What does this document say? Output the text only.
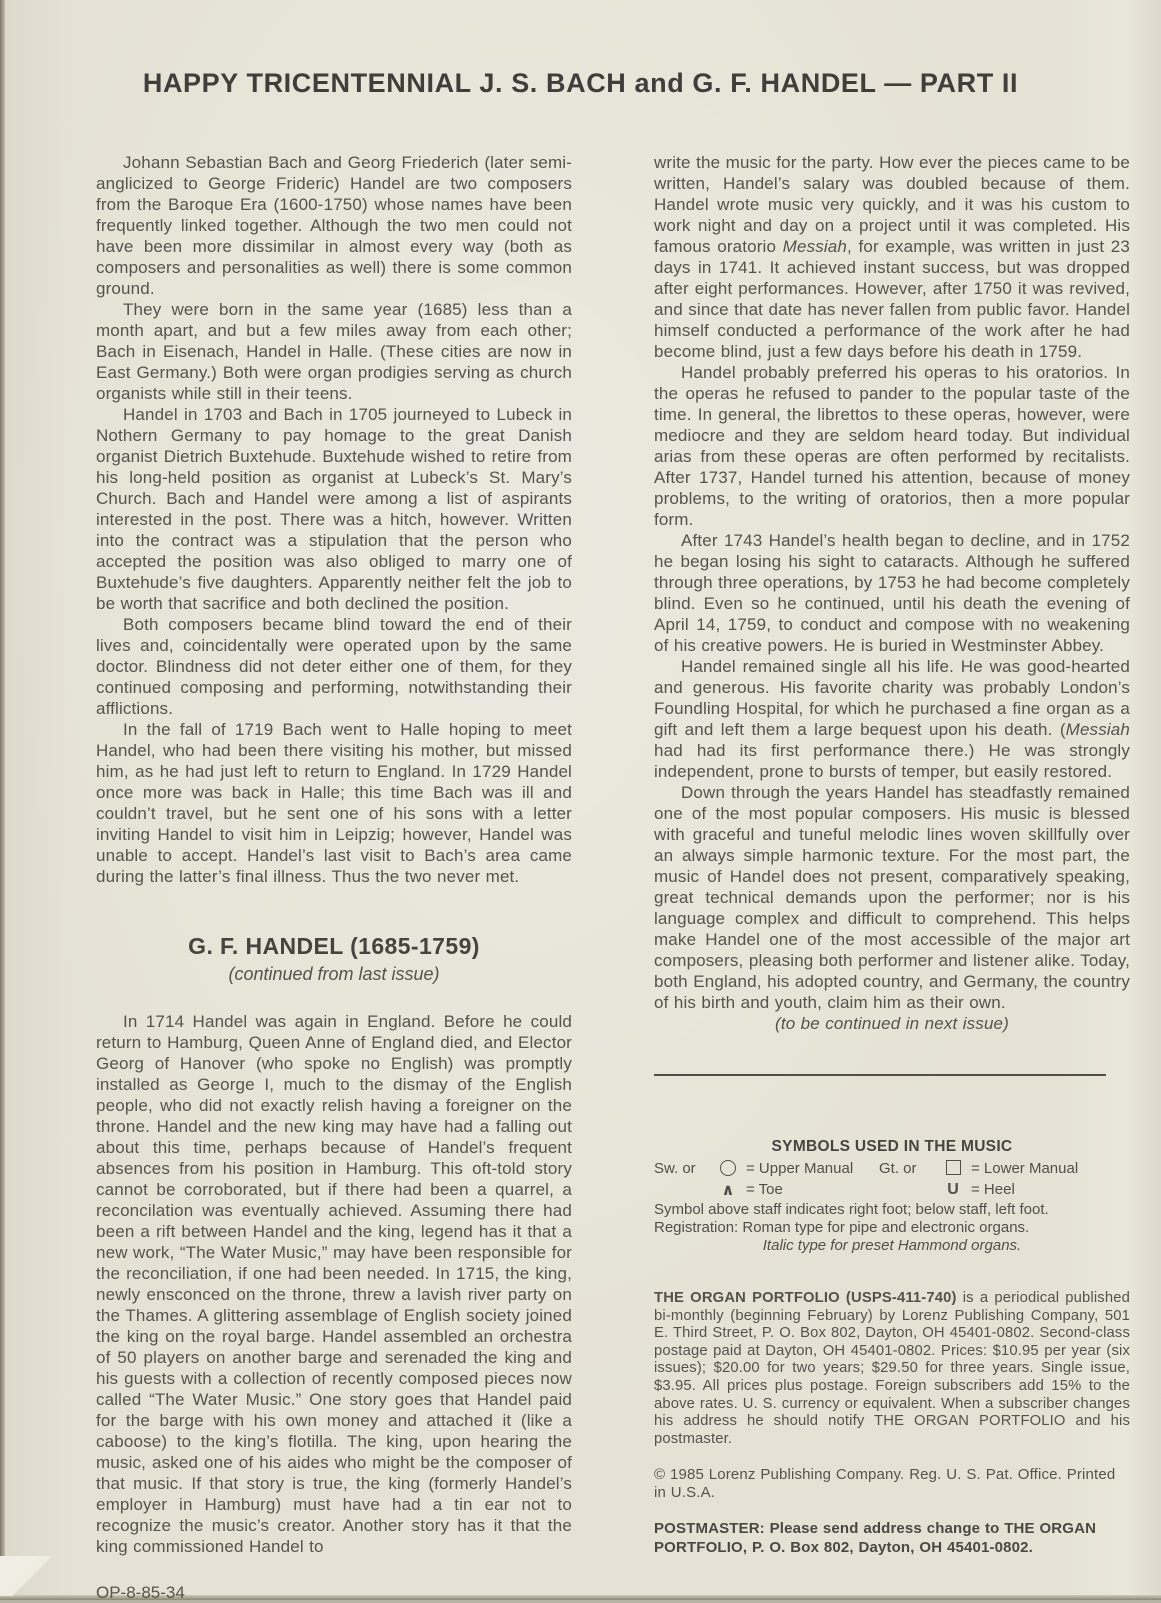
HAPPY TRICENTENNIAL J. S. BACH and G. F. HANDEL — PART II

Johann Sebastian Bach and Georg Friederich (later semi-anglicized to George Frideric) Handel are two composers from the Baroque Era (1600-1750) whose names have been frequently linked together. Although the two men could not have been more dissimilar in almost every way (both as composers and personalities as well) there is some common ground.

They were born in the same year (1685) less than a month apart, and but a few miles away from each other; Bach in Eisenach, Handel in Halle. (These cities are now in East Germany.) Both were organ prodigies serving as church organists while still in their teens.

Handel in 1703 and Bach in 1705 journeyed to Lubeck in Nothern Germany to pay homage to the great Danish organist Dietrich Buxtehude. Buxtehude wished to retire from his long-held position as organist at Lubeck’s St. Mary’s Church. Bach and Handel were among a list of aspirants interested in the post. There was a hitch, however. Written into the contract was a stipulation that the person who accepted the position was also obliged to marry one of Buxtehude’s five daughters. Apparently neither felt the job to be worth that sacrifice and both declined the position.

Both composers became blind toward the end of their lives and, coincidentally were operated upon by the same doctor. Blindness did not deter either one of them, for they continued composing and performing, notwithstanding their afflictions.

In the fall of 1719 Bach went to Halle hoping to meet Handel, who had been there visiting his mother, but missed him, as he had just left to return to England. In 1729 Handel once more was back in Halle; this time Bach was ill and couldn’t travel, but he sent one of his sons with a letter inviting Handel to visit him in Leipzig; however, Handel was unable to accept. Handel’s last visit to Bach’s area came during the latter’s final illness. Thus the two never met.

G. F. HANDEL (1685-1759)
(continued from last issue)

In 1714 Handel was again in England. Before he could return to Hamburg, Queen Anne of England died, and Elector Georg of Hanover (who spoke no English) was promptly installed as George I, much to the dismay of the English people, who did not exactly relish having a foreigner on the throne. Handel and the new king may have had a falling out about this time, perhaps because of Handel’s frequent absences from his position in Hamburg. This oft-told story cannot be corroborated, but if there had been a quarrel, a reconcilation was eventually achieved. Assuming there had been a rift between Handel and the king, legend has it that a new work, “The Water Music,” may have been responsible for the reconciliation, if one had been needed. In 1715, the king, newly ensconced on the throne, threw a lavish river party on the Thames. A glittering assemblage of English society joined the king on the royal barge. Handel assembled an orchestra of 50 players on another barge and serenaded the king and his guests with a collection of recently composed pieces now called “The Water Music.” One story goes that Handel paid for the barge with his own money and attached it (like a caboose) to the king’s flotilla. The king, upon hearing the music, asked one of his aides who might be the composer of that music. If that story is true, the king (formerly Handel’s employer in Hamburg) must have had a tin ear not to recognize the music’s creator. Another story has it that the king commissioned Handel to

OP-8-85-34

write the music for the party. How ever the pieces came to be written, Handel’s salary was doubled because of them. Handel wrote music very quickly, and it was his custom to work night and day on a project until it was completed. His famous oratorio Messiah, for example, was written in just 23 days in 1741. It achieved instant success, but was dropped after eight performances. However, after 1750 it was revived, and since that date has never fallen from public favor. Handel himself conducted a performance of the work after he had become blind, just a few days before his death in 1759.

Handel probably preferred his operas to his oratorios. In the operas he refused to pander to the popular taste of the time. In general, the librettos to these operas, however, were mediocre and they are seldom heard today. But individual arias from these operas are often performed by recitalists. After 1737, Handel turned his attention, because of money problems, to the writing of oratorios, then a more popular form.

After 1743 Handel’s health began to decline, and in 1752 he began losing his sight to cataracts. Although he suffered through three operations, by 1753 he had become completely blind. Even so he continued, until his death the evening of April 14, 1759, to conduct and compose with no weakening of his creative powers. He is buried in Westminster Abbey.

Handel remained single all his life. He was good-hearted and generous. His favorite charity was probably London’s Foundling Hospital, for which he purchased a fine organ as a gift and left them a large bequest upon his death. (Messiah had had its first performance there.) He was strongly independent, prone to bursts of temper, but easily restored.

Down through the years Handel has steadfastly remained one of the most popular composers. His music is blessed with graceful and tuneful melodic lines woven skillfully over an always simple harmonic texture. For the most part, the music of Handel does not present, comparatively speaking, great technical demands upon the performer; nor is his language complex and difficult to comprehend. This helps make Handel one of the most accessible of the major art composers, pleasing both performer and listener alike. Today, both England, his adopted country, and Germany, the country of his birth and youth, claim him as their own.

(to be continued in next issue)

SYMBOLS USED IN THE MUSIC
Sw. or	= Upper Manual
∧ = Toe
Gt. or	= Lower Manual
U = Heel
Symbol above staff indicates right foot; below staff, left foot.
Registration: Roman type for pipe and electronic organs.
Italic type for preset Hammond organs.

THE ORGAN PORTFOLIO (USPS-411-740) is a periodical published bi-monthly (beginning February) by Lorenz Publishing Company, 501 E. Third Street, P. O. Box 802, Dayton, OH 45401-0802. Second-class postage paid at Dayton, OH 45401-0802. Prices: $10.95 per year (six issues); $20.00 for two years; $29.50 for three years. Single issue, $3.95. All prices plus postage. Foreign subscribers add 15% to the above rates. U. S. currency or equivalent. When a subscriber changes his address he should notify THE ORGAN PORTFOLIO and his postmaster.

© 1985 Lorenz Publishing Company. Reg. U. S. Pat. Office. Printed in U.S.A.

POSTMASTER: Please send address change to THE ORGAN PORTFOLIO, P. O. Box 802, Dayton, OH 45401-0802.
